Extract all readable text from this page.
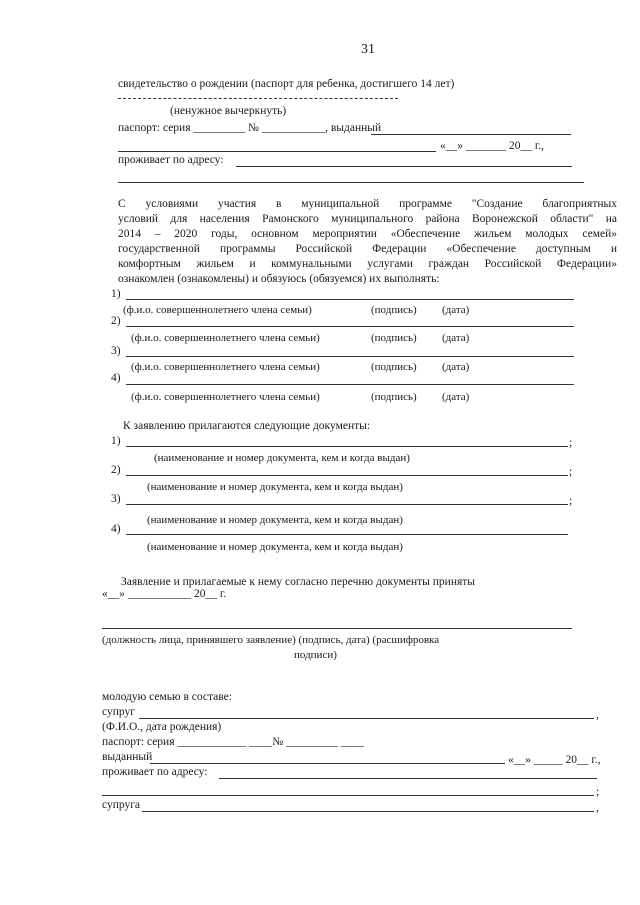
31
свидетельство о рождении (паспорт для ребенка, достигшего 14 лет)
(ненужное вычеркнуть)
паспорт: серия _________ № ___________, выданный
«__» _______ 20__ г.,
проживает по адресу:
С условиями участия в муниципальной программе "Создание благоприятных
условий для населения Рамонского муниципального района Воронежской области" на
2014 – 2020 годы, основном мероприятии «Обеспечение жильем молодых семей»
государственной программы Российской Федерации «Обеспечение доступным и
комфортным жильем и коммунальными услугами граждан Российской Федерации»
ознакомлен (ознакомлены) и обязуюсь (обязуемся) их выполнять:
1)
(ф.и.о. совершеннолетнего члена семьи)	(подпись) (дата)
2)
(ф.и.о. совершеннолетнего члена семьи)	(подпись) (дата)
3)
(ф.и.о. совершеннолетнего члена семьи)	(подпись) (дата)
4)
(ф.и.о. совершеннолетнего члена семьи)	(подпись) (дата)
К заявлению прилагаются следующие документы:
1)	;
(наименование и номер документа, кем и когда выдан)
2)	;
(наименование и номер документа, кем и когда выдан)
3)	;
(наименование и номер документа, кем и когда выдан)
4)
(наименование и номер документа, кем и когда выдан)
Заявление и прилагаемые к нему согласно перечню документы приняты
«__» ___________ 20__ г.
(должность лица, принявшего заявление) (подпись, дата) (расшифровка
подписи)
молодую семью в составе:
супруг	,
(Ф.И.О., дата рождения)
паспорт: серия ____________ ____№ _________ ____
выданный	«__» _____ 20__ г.,
проживает по адресу:
;
супруга	,
